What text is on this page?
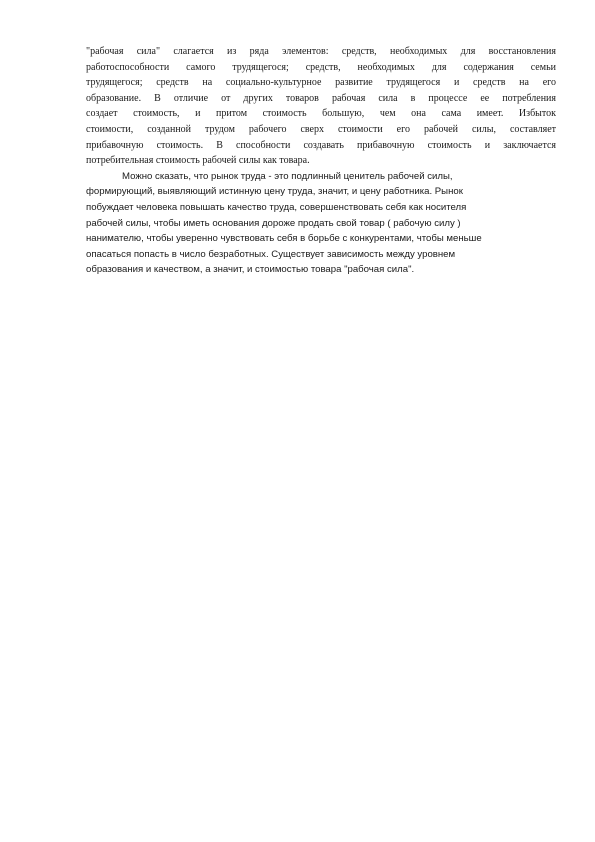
"рабочая сила" слагается из ряда элементов: средств, необходимых для восстановления
работоспособности самого трудящегося; средств, необходимых для содержания семьи
трудящегося; средств на социально-культурное развитие трудящегося и средств на его
образование. В отличие от других товаров рабочая сила в процессе ее потребления
создает стоимость, и притом стоимость большую, чем она сама имеет. Избыток
стоимости, созданной трудом рабочего сверх стоимости его рабочей силы, составляет
прибавочную стоимость. В способности создавать прибавочную стоимость и заключается
потребительная стоимость рабочей силы как товара.

Можно сказать, что рынок труда - это подлинный ценитель рабочей силы,
формирующий, выявляющий истинную цену труда, значит, и цену работника. Рынок
побуждает человека повышать качество труда, совершенствовать себя как носителя
рабочей силы, чтобы иметь основания дороже продать свой товар ( рабочую силу )
нанимателю, чтобы уверенно чувствовать себя в борьбе с конкурентами, чтобы меньше
опасаться попасть в число безработных. Существует зависимость между уровнем
образования и качеством, а значит, и стоимостью товара "рабочая сила".
